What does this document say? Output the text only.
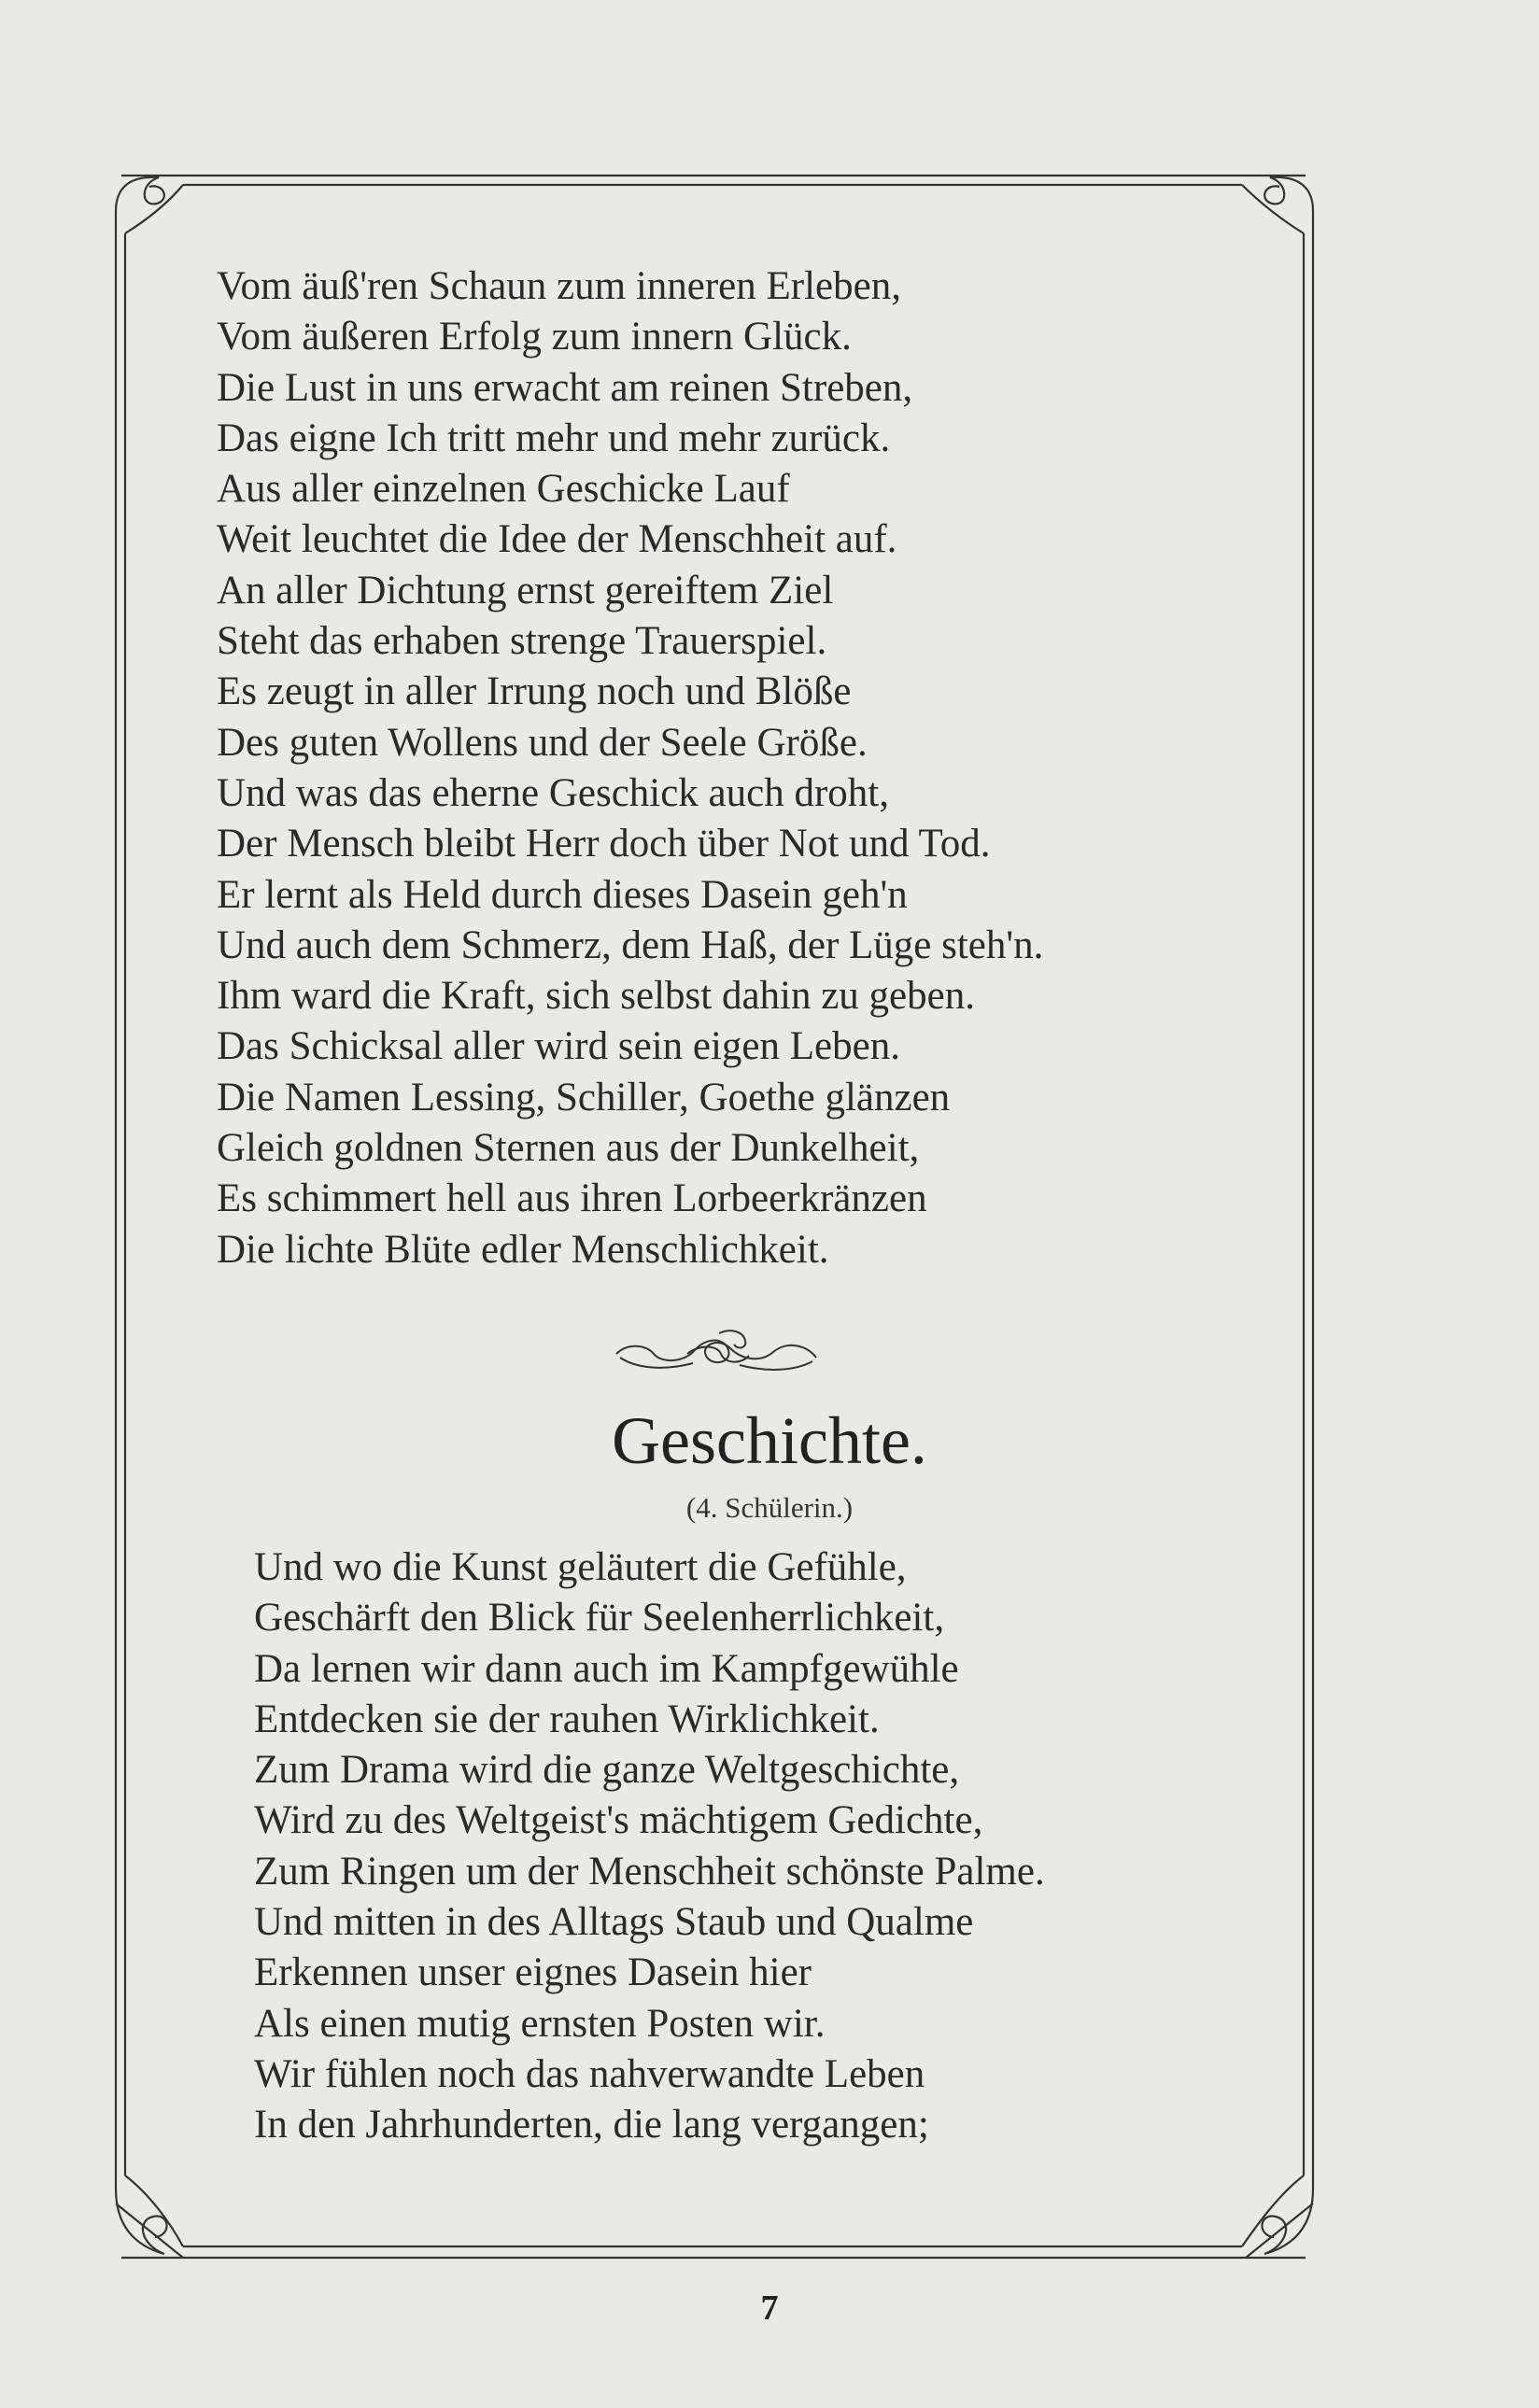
Vom äuß'ren Schaun zum inneren Erleben,
Vom äußeren Erfolg zum innern Glück.
Die Lust in uns erwacht am reinen Streben,
Das eigne Ich tritt mehr und mehr zurück.
Aus aller einzelnen Geschicke Lauf
Weit leuchtet die Idee der Menschheit auf.
An aller Dichtung ernst gereiftem Ziel
Steht das erhaben strenge Trauerspiel.
Es zeugt in aller Irrung noch und Blöße
Des guten Wollens und der Seele Größe.
Und was das eherne Geschick auch droht,
Der Mensch bleibt Herr doch über Not und Tod.
Er lernt als Held durch dieses Dasein geh'n
Und auch dem Schmerz, dem Haß, der Lüge steh'n.
Ihm ward die Kraft, sich selbst dahin zu geben.
Das Schicksal aller wird sein eigen Leben.
Die Namen Lessing, Schiller, Goethe glänzen
Gleich goldnen Sternen aus der Dunkelheit,
Es schimmert hell aus ihren Lorbeerkränzen
Die lichte Blüte edler Menschlichkeit.
Geschichte.
(4. Schülerin.)
Und wo die Kunst geläutert die Gefühle,
Geschärft den Blick für Seelenherrlichkeit,
Da lernen wir dann auch im Kampfgewühle
Entdecken sie der rauhen Wirklichkeit.
Zum Drama wird die ganze Weltgeschichte,
Wird zu des Weltgeist's mächtigem Gedichte,
Zum Ringen um der Menschheit schönste Palme.
Und mitten in des Alltags Staub und Qualme
Erkennen unser eignes Dasein hier
Als einen mutig ernsten Posten wir.
Wir fühlen noch das nahverwandte Leben
In den Jahrhunderten, die lang vergangen;
7
